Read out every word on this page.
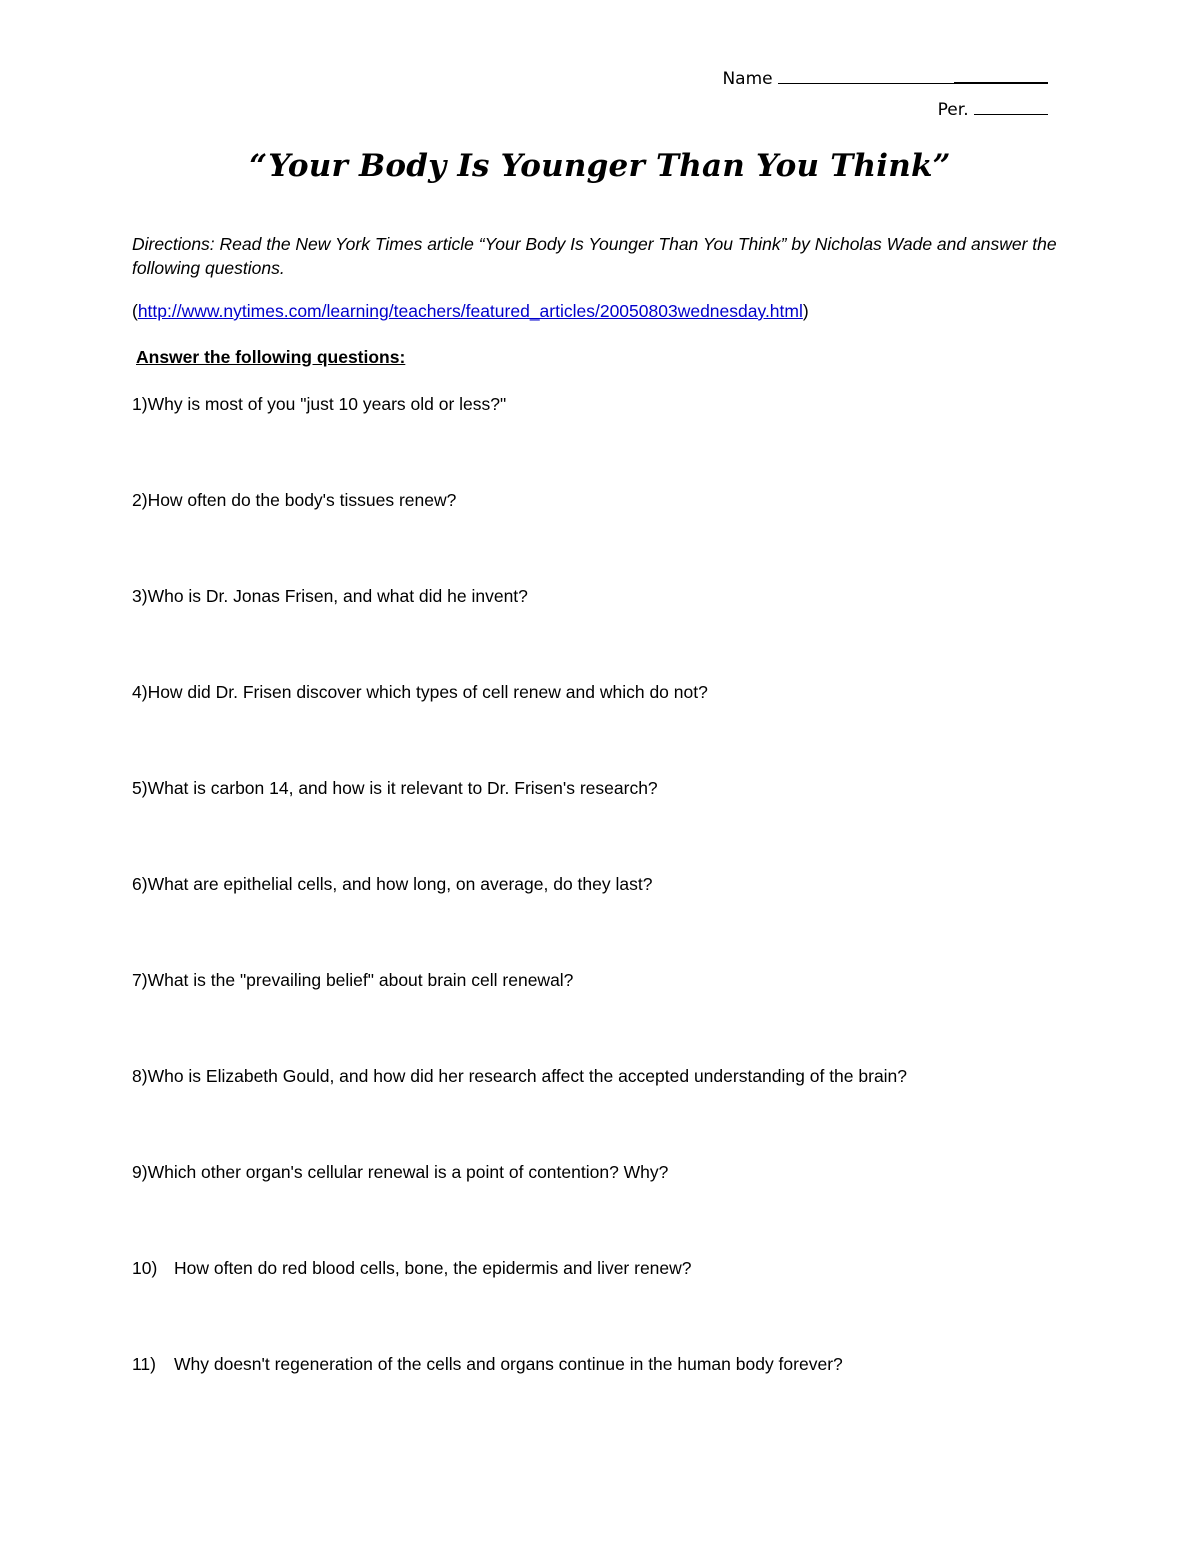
Name
Per.
“Your Body Is Younger Than You Think”
Directions: Read the New York Times article “Your Body Is Younger Than You Think” by Nicholas Wade and answer the following questions.
(http://www.nytimes.com/learning/teachers/featured_articles/20050803wednesday.html)
Answer the following questions:
1)Why is most of you "just 10 years old or less?"
2)How often do the body's tissues renew?
3)Who is Dr. Jonas Frisen, and what did he invent?
4)How did Dr. Frisen discover which types of cell renew and which do not?
5)What is carbon 14, and how is it relevant to Dr. Frisen's research?
6)What are epithelial cells, and how long, on average, do they last?
7)What is the "prevailing belief" about brain cell renewal?
8)Who is Elizabeth Gould, and how did her research affect the accepted understanding of the brain?
9)Which other organ's cellular renewal is a point of contention? Why?
10) How often do red blood cells, bone, the epidermis and liver renew?
11) Why doesn't regeneration of the cells and organs continue in the human body forever?
